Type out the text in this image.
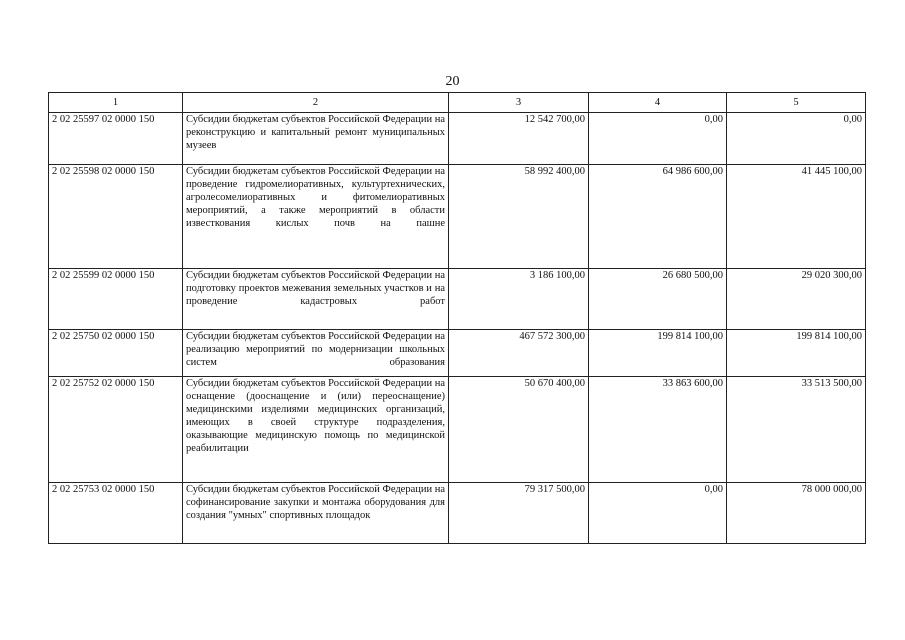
20
1	2	3	4	5
2 02 25597 02 0000 150	Субсидии бюджетам субъектов Российской Федерации на реконструкцию и капитальный ремонт муниципальных музеев	12 542 700,00	0,00	0,00
2 02 25598 02 0000 150	Субсидии бюджетам субъектов Российской Федерации на проведение гидромелиоративных, культуртехнических, агролесомелиоративных и фитомелиоративных мероприятий, а также мероприятий в области известкования кислых почв на пашне	58 992 400,00	64 986 600,00	41 445 100,00
2 02 25599 02 0000 150	Субсидии бюджетам субъектов Российской Федерации на подготовку проектов межевания земельных участков и на проведение кадастровых работ	3 186 100,00	26 680 500,00	29 020 300,00
2 02 25750 02 0000 150	Субсидии бюджетам субъектов Российской Федерации на реализацию мероприятий по модернизации школьных систем образования	467 572 300,00	199 814 100,00	199 814 100,00
2 02 25752 02 0000 150	Субсидии бюджетам субъектов Российской Федерации на оснащение (дооснащение и (или) переоснащение) медицинскими изделиями медицинских организаций, имеющих в своей структуре подразделения, оказывающие медицинскую помощь по медицинской реабилитации	50 670 400,00	33 863 600,00	33 513 500,00
2 02 25753 02 0000 150	Субсидии бюджетам субъектов Российской Федерации на софинансирование закупки и монтажа оборудования для создания "умных" спортивных площадок	79 317 500,00	0,00	78 000 000,00
